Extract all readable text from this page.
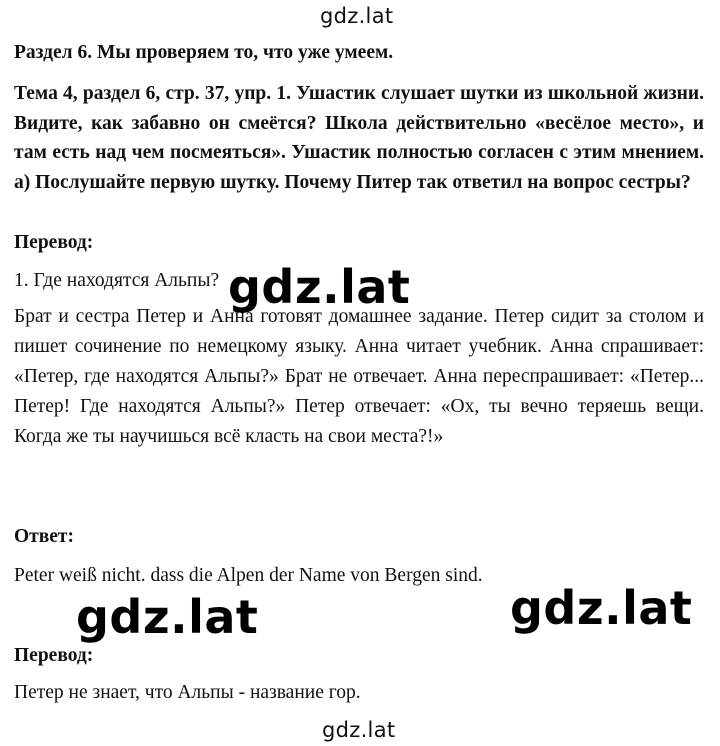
gdz.lat
Раздел 6. Мы проверяем то, что уже умеем.
Тема 4, раздел 6, стр. 37, упр. 1. Ушастик слушает шутки из школьной жизни. Видите, как забавно он смеётся? Школа действительно «весёлое место», и там есть над чем посмеяться». Ушастик полностью согласен с этим мнением. а) Послушайте первую шутку. Почему Питер так ответил на вопрос сестры?
Перевод:
1. Где находятся Альпы?
Брат и сестра Петер и Анна готовят домашнее задание. Петер сидит за столом и пишет сочинение по немецкому языку. Анна читает учебник. Анна спрашивает: «Петер, где находятся Альпы?» Брат не отвечает. Анна переспрашивает: «Петер... Петер! Где находятся Альпы?» Петер отвечает: «Ох, ты вечно теряешь вещи. Когда же ты научишься всё класть на свои места?!»
Ответ:
Peter weiß nicht. dass die Alpen der Name von Bergen sind.
Перевод:
Петер не знает, что Альпы - название гор.
gdz.lat
gdz.lat	gdz.lat
gdz.lat
